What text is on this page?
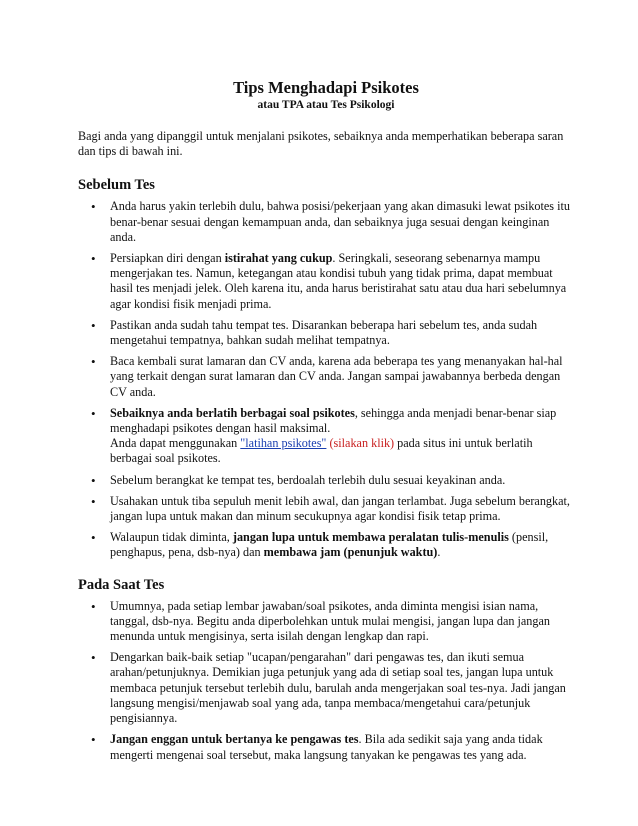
Tips Menghadapi Psikotes
atau TPA atau Tes Psikologi

Bagi anda yang dipanggil untuk menjalani psikotes, sebaiknya anda memperhatikan beberapa saran dan tips di bawah ini.

Sebelum Tes
• Anda harus yakin terlebih dulu, bahwa posisi/pekerjaan yang akan dimasuki lewat psikotes itu benar-benar sesuai dengan kemampuan anda, dan sebaiknya juga sesuai dengan keinginan anda.
• Persiapkan diri dengan istirahat yang cukup. Seringkali, seseorang sebenarnya mampu mengerjakan tes. Namun, ketegangan atau kondisi tubuh yang tidak prima, dapat membuat hasil tes menjadi jelek. Oleh karena itu, anda harus beristirahat satu atau dua hari sebelumnya agar kondisi fisik menjadi prima.
• Pastikan anda sudah tahu tempat tes. Disarankan beberapa hari sebelum tes, anda sudah mengetahui tempatnya, bahkan sudah melihat tempatnya.
• Baca kembali surat lamaran dan CV anda, karena ada beberapa tes yang menanyakan hal-hal yang terkait dengan surat lamaran dan CV anda. Jangan sampai jawabannya berbeda dengan CV anda.
• Sebaiknya anda berlatih berbagai soal psikotes, sehingga anda menjadi benar-benar siap menghadapi psikotes dengan hasil maksimal.
Anda dapat menggunakan "latihan psikotes" (silakan klik) pada situs ini untuk berlatih berbagai soal psikotes.
• Sebelum berangkat ke tempat tes, berdoalah terlebih dulu sesuai keyakinan anda.
• Usahakan untuk tiba sepuluh menit lebih awal, dan jangan terlambat. Juga sebelum berangkat, jangan lupa untuk makan dan minum secukupnya agar kondisi fisik tetap prima.
• Walaupun tidak diminta, jangan lupa untuk membawa peralatan tulis-menulis (pensil, penghapus, pena, dsb-nya) dan membawa jam (penunjuk waktu).
Pada Saat Tes
• Umumnya, pada setiap lembar jawaban/soal psikotes, anda diminta mengisi isian nama, tanggal, dsb-nya. Begitu anda diperbolehkan untuk mulai mengisi, jangan lupa dan jangan menunda untuk mengisinya, serta isilah dengan lengkap dan rapi.
• Dengarkan baik-baik setiap "ucapan/pengarahan" dari pengawas tes, dan ikuti semua arahan/petunjuknya. Demikian juga petunjuk yang ada di setiap soal tes, jangan lupa untuk membaca petunjuk tersebut terlebih dulu, barulah anda mengerjakan soal tes-nya. Jadi jangan langsung mengisi/menjawab soal yang ada, tanpa membaca/mengetahui cara/petunjuk pengisiannya.
• Jangan enggan untuk bertanya ke pengawas tes. Bila ada sedikit saja yang anda tidak mengerti mengenai soal tersebut, maka langsung tanyakan ke pengawas tes yang ada.
